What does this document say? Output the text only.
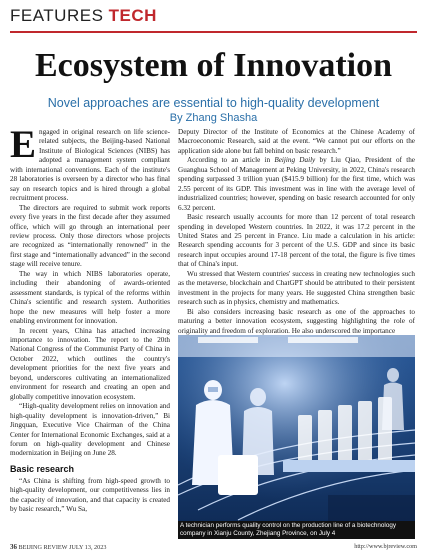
FEATURES TECH
Ecosystem of Innovation
Novel approaches are essential to high-quality development
By Zhang Shasha

Engaged in original research on life science-related subjects, the Beijing-based National Institute of Biological Sciences (NIBS) has adopted a management system compliant with international conventions. Each of the institute's 28 laboratories is overseen by a director who has final say on research topics and is hired through a global recruitment process.

The directors are required to submit work reports every five years in the first decade after they assumed office, which will go through an international peer review process. Only those directors whose projects are recognized as “internationally renowned” in the first stage and “internationally advanced” in the second stage will receive tenure.

The way in which NIBS laboratories operate, including their abandoning of awards-oriented assessment standards, is typical of the reforms within China's scientific and research system. Authorities hope the new measures will help foster a more enabling environment for innovation.

In recent years, China has attached increasing importance to innovation. The report to the 20th National Congress of the Communist Party of China in October 2022, which outlines the country's development priorities for the next five years and beyond, underscores cultivating an internationalized environment for research and creating an open and globally competitive innovation ecosystem.

“High-quality development relies on innovation and high-quality development is innovation-driven,” Bi Jingquan, Executive Vice Chairman of the China Center for International Economic Exchanges, said at a forum on high-quality development and Chinese modernization in Beijing on June 28.

Basic research

“As China is shifting from high-speed growth to high-quality development, our competitiveness lies in the capacity of innovation, and that capacity is created by basic research,” Wu Sa,

Deputy Director of the Institute of Economics at the Chinese Academy of Macroeconomic Research, said at the event. “We cannot put our efforts on the application side alone but fall behind on basic research.”

According to an article in Beijing Daily by Liu Qiao, President of the Guanghua School of Management at Peking University, in 2022, China's research spending surpassed 3 trillion yuan ($415.9 billion) for the first time, which was 2.55 percent of its GDP. This investment was in line with the average level of industrialized countries; however, spending on basic research accounted for only 6.32 percent.

Basic research usually accounts for more than 12 percent of total research spending in developed Western countries. In 2022, it was 17.2 percent in the United States and 25 percent in France. Liu made a calculation in his article: Research spending accounts for 3 percent of the U.S. GDP and since its basic research input occupies around 17-18 percent of the total, the figure is five times that of China's input.

Wu stressed that Western countries' success in creating new technologies such as the metaverse, blockchain and ChatGPT should be attributed to their persistent investment in the projects for many years. He suggested China strengthen basic research such as in physics, chemistry and mathematics.

Bi also considers increasing basic research as one of the approaches to maturing a better innovation ecosystem, suggesting highlighting the role of originality and freedom of exploration. He also underscored the importance

A technician performs quality control on the production line of a biotechnology company in Xianju County, Zhejiang Province, on July 4
36 BEIJING REVIEW JULY 13, 2023	http://www.bjreview.com
